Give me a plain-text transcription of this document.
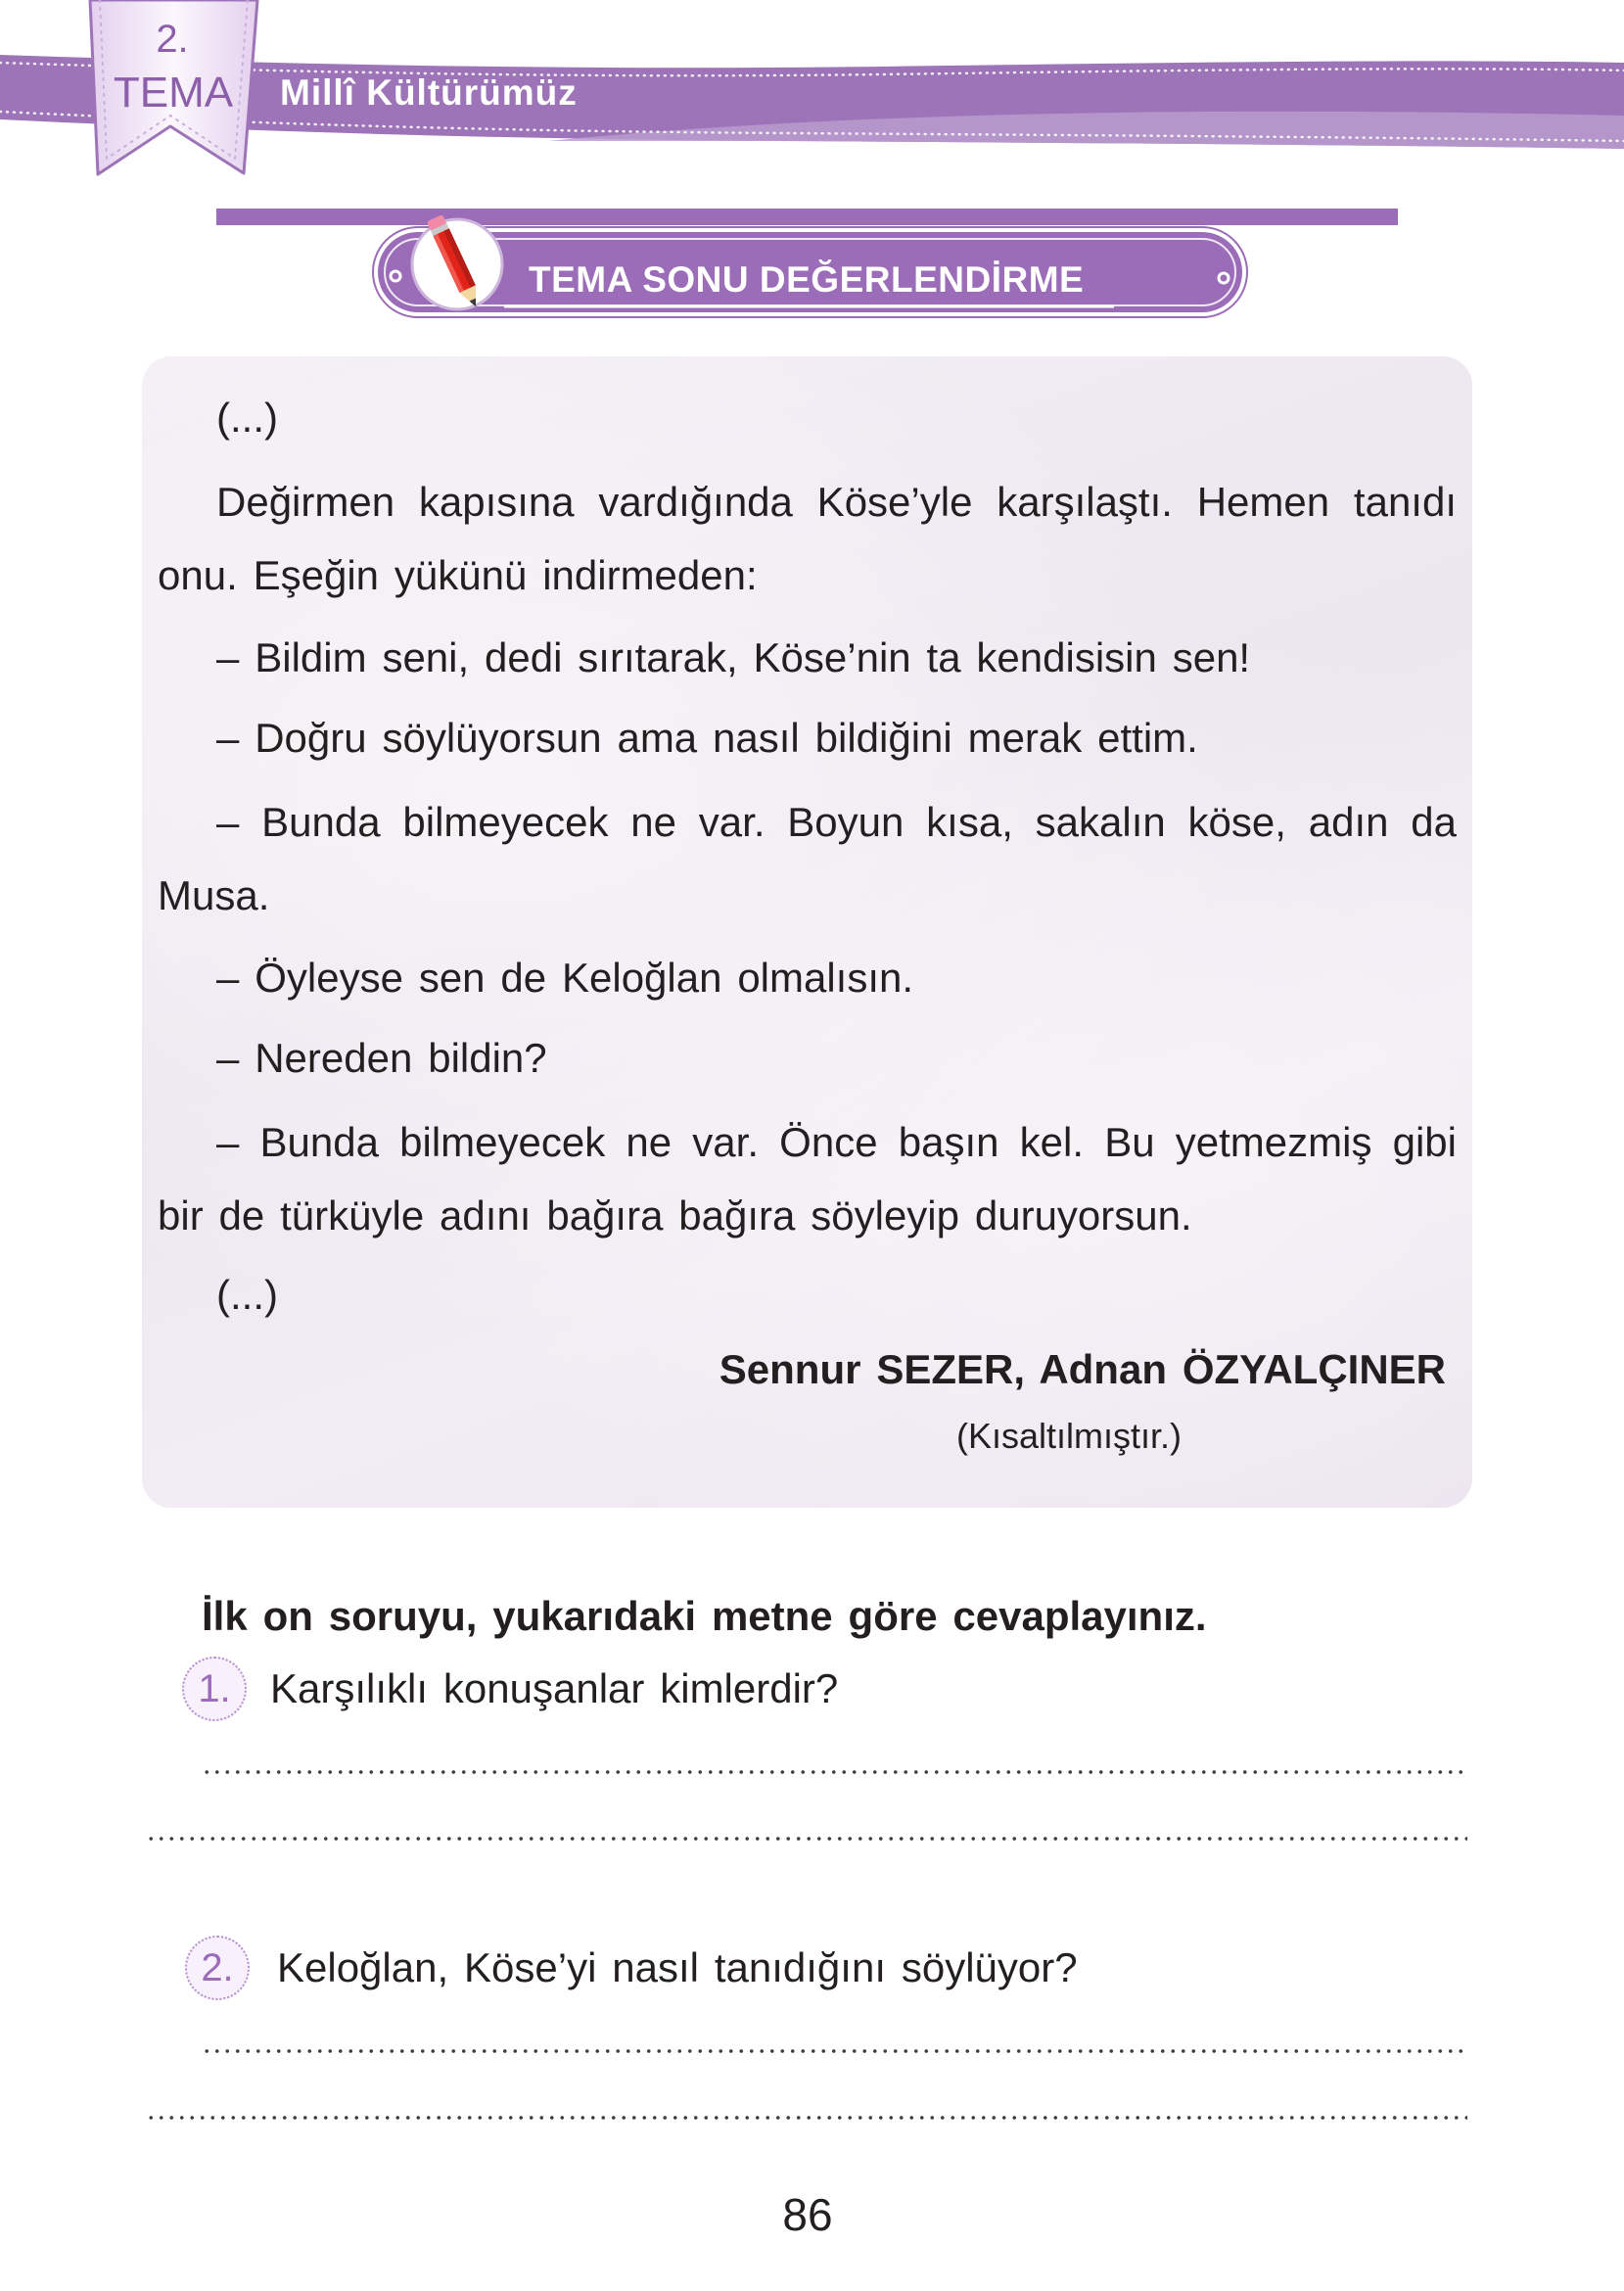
2.
TEMA	Millî Kültürümüz
TEMA SONU DEĞERLENDİRME
(...)
Değirmen kapısına vardığında Köse’yle karşılaştı. Hemen tanıdı
onu. Eşeğin yükünü indirmeden:
– Bildim seni, dedi sırıtarak, Köse’nin ta kendisisin sen!
– Doğru söylüyorsun ama nasıl bildiğini merak ettim.
– Bunda bilmeyecek ne var. Boyun kısa, sakalın köse, adın da
Musa.
– Öyleyse sen de Keloğlan olmalısın.
– Nereden bildin?
– Bunda bilmeyecek ne var. Önce başın kel. Bu yetmezmiş gibi
bir de türküyle adını bağıra bağıra söyleyip duruyorsun.
(...)
Sennur SEZER, Adnan ÖZYALÇINER
(Kısaltılmıştır.)
İlk on soruyu, yukarıdaki metne göre cevaplayınız.
1. Karşılıklı konuşanlar kimlerdir?
2. Keloğlan, Köse’yi nasıl tanıdığını söylüyor?
86
